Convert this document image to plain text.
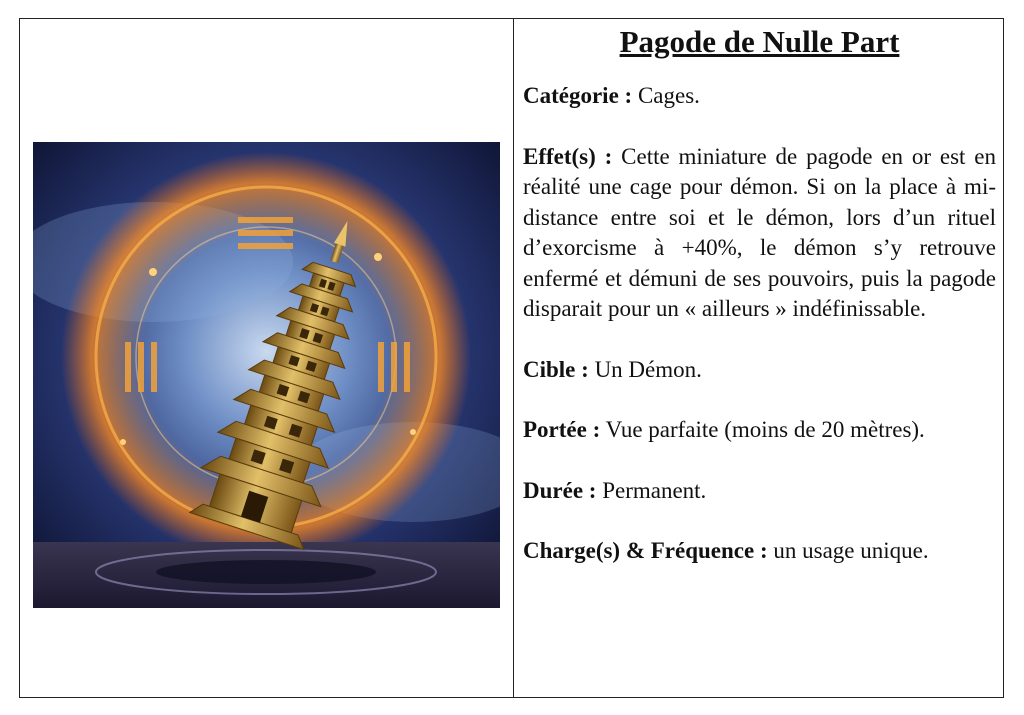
Pagode de Nulle Part

Catégorie : Cages.

Effet(s) : Cette miniature de pagode en or est en réalité une cage pour démon. Si on la place à mi-distance entre soi et le démon, lors d’un rituel d’exorcisme à +40%, le démon s’y retrouve enfermé et démuni de ses pouvoirs, puis la pagode disparait pour un « ailleurs » indéfinissable.

Cible : Un Démon.

Portée : Vue parfaite (moins de 20 mètres).

Durée : Permanent.

Charge(s) & Fréquence : un usage unique.
